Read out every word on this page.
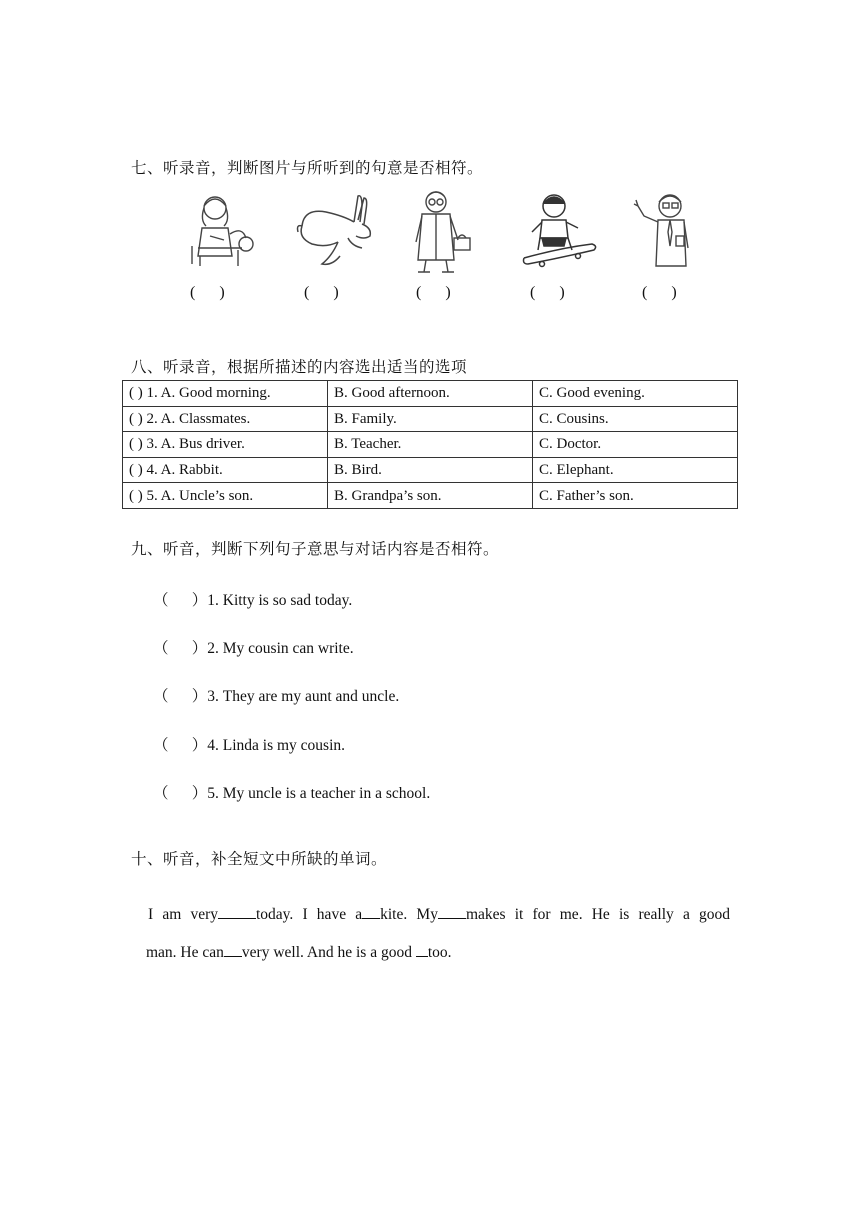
七、听录音，判断图片与所听到的句意是否相符。
(      )	(      )	(      )	(      )	(      )
八、听录音，根据所描述的内容选出适当的选项
( ) 1. A. Good morning.	B. Good afternoon.	C. Good evening.
( ) 2. A. Classmates.	B. Family.	C. Cousins.
( ) 3. A. Bus driver.	B. Teacher.	C. Doctor.
( ) 4. A. Rabbit.	B. Bird.	C. Elephant.
( ) 5. A. Uncle’s son.	B. Grandpa’s son.	C. Father’s son.
九、听音，判断下列句子意思与对话内容是否相符。
（      ）1. Kitty is so sad today.
（      ）2. My cousin can write.
（      ）3. They are my aunt and uncle.
（      ）4. Linda is my cousin.
（      ）5. My uncle is a teacher in a school.
十、听音，补全短文中所缺的单词。
I am very today. I have a kite. My makes it for me. He is really a good
man. He can very well. And he is a good too.
